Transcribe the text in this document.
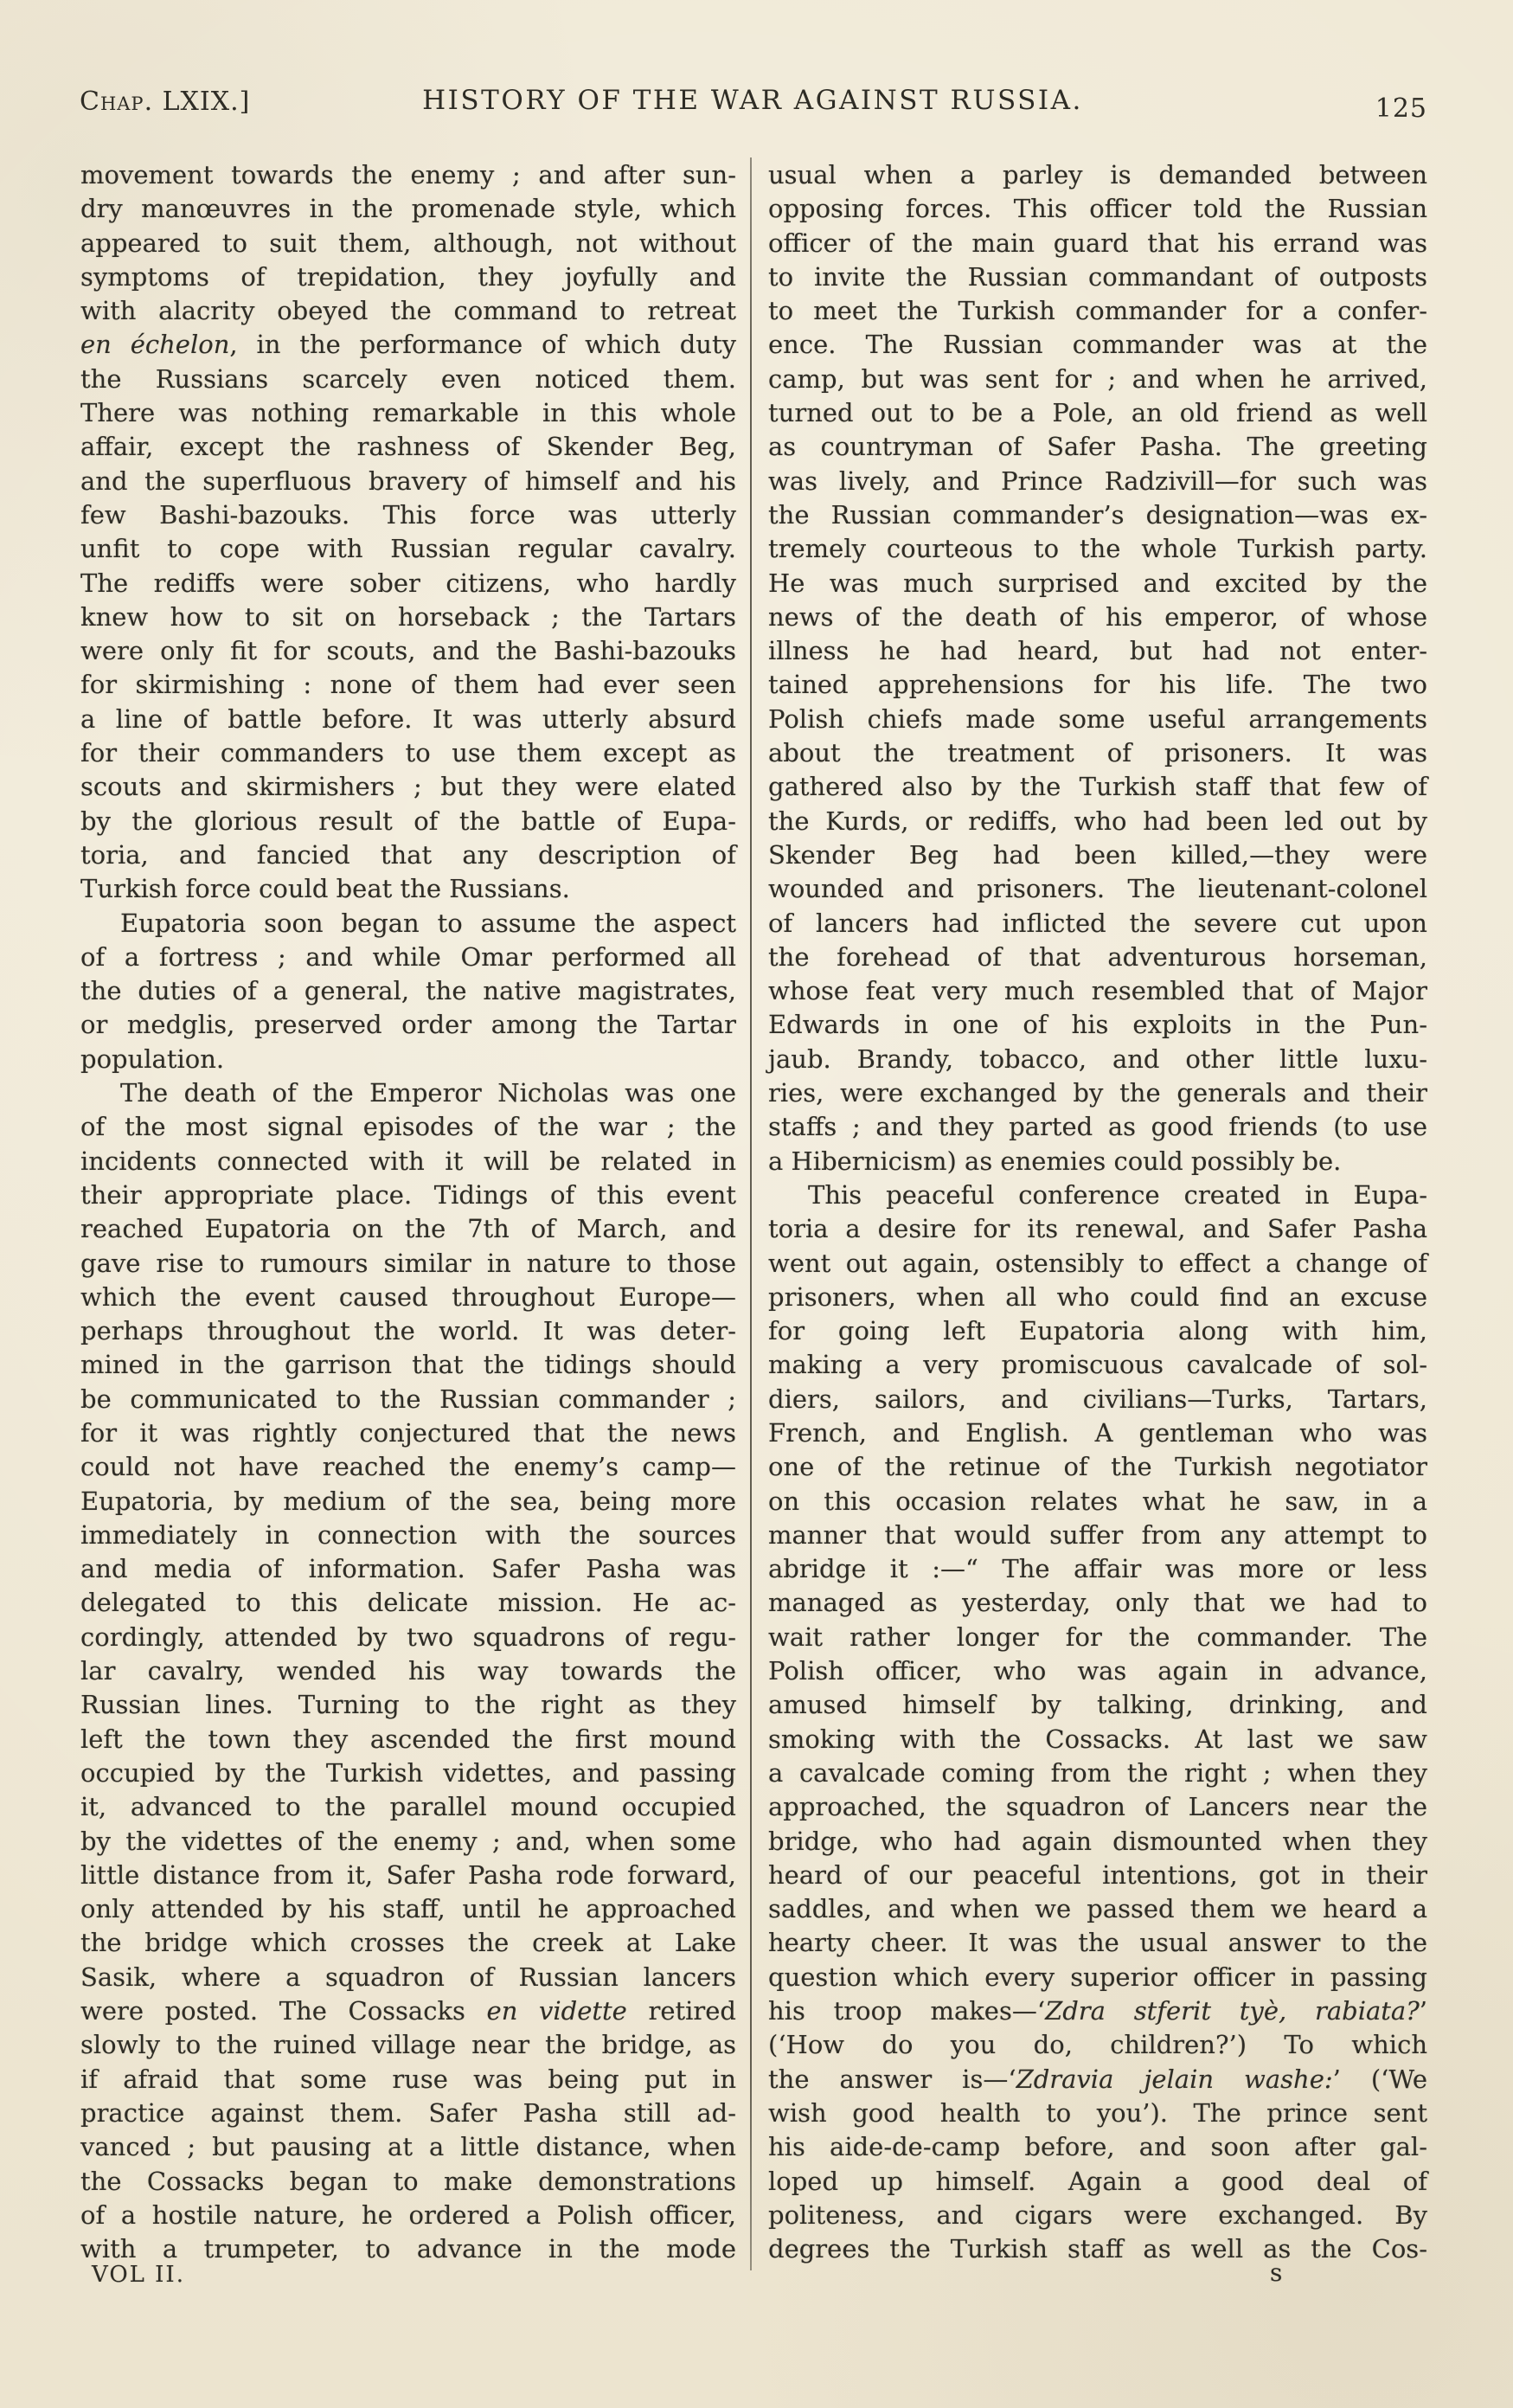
Chap. LXIX.]	HISTORY OF THE WAR AGAINST RUSSIA.	125
movement towards the enemy ; and after sun-
dry manœuvres in the promenade style, which
appeared to suit them, although, not without
symptoms of trepidation, they joyfully and
with alacrity obeyed the command to retreat
en échelon, in the performance of which duty
the Russians scarcely even noticed them.
There was nothing remarkable in this whole
affair, except the rashness of Skender Beg,
and the superfluous bravery of himself and his
few Bashi-bazouks. This force was utterly
unfit to cope with Russian regular cavalry.
The rediffs were sober citizens, who hardly
knew how to sit on horseback ; the Tartars
were only fit for scouts, and the Bashi-bazouks
for skirmishing : none of them had ever seen
a line of battle before. It was utterly absurd
for their commanders to use them except as
scouts and skirmishers ; but they were elated
by the glorious result of the battle of Eupa-
toria, and fancied that any description of
Turkish force could beat the Russians.
Eupatoria soon began to assume the aspect
of a fortress ; and while Omar performed all
the duties of a general, the native magistrates,
or medglis, preserved order among the Tartar
population.
The death of the Emperor Nicholas was one
of the most signal episodes of the war ; the
incidents connected with it will be related in
their appropriate place. Tidings of this event
reached Eupatoria on the 7th of March, and
gave rise to rumours similar in nature to those
which the event caused throughout Europe—
perhaps throughout the world. It was deter-
mined in the garrison that the tidings should
be communicated to the Russian commander ;
for it was rightly conjectured that the news
could not have reached the enemy’s camp—
Eupatoria, by medium of the sea, being more
immediately in connection with the sources
and media of information. Safer Pasha was
delegated to this delicate mission. He ac-
cordingly, attended by two squadrons of regu-
lar cavalry, wended his way towards the
Russian lines. Turning to the right as they
left the town they ascended the first mound
occupied by the Turkish videttes, and passing
it, advanced to the parallel mound occupied
by the videttes of the enemy ; and, when some
little distance from it, Safer Pasha rode forward,
only attended by his staff, until he approached
the bridge which crosses the creek at Lake
Sasik, where a squadron of Russian lancers
were posted. The Cossacks en vidette retired
slowly to the ruined village near the bridge, as
if afraid that some ruse was being put in
practice against them. Safer Pasha still ad-
vanced ; but pausing at a little distance, when
the Cossacks began to make demonstrations
of a hostile nature, he ordered a Polish officer,
with a trumpeter, to advance in the mode
usual when a parley is demanded between
opposing forces. This officer told the Russian
officer of the main guard that his errand was
to invite the Russian commandant of outposts
to meet the Turkish commander for a confer-
ence. The Russian commander was at the
camp, but was sent for ; and when he arrived,
turned out to be a Pole, an old friend as well
as countryman of Safer Pasha. The greeting
was lively, and Prince Radzivill—for such was
the Russian commander’s designation—was ex-
tremely courteous to the whole Turkish party.
He was much surprised and excited by the
news of the death of his emperor, of whose
illness he had heard, but had not enter-
tained apprehensions for his life. The two
Polish chiefs made some useful arrangements
about the treatment of prisoners. It was
gathered also by the Turkish staff that few of
the Kurds, or rediffs, who had been led out by
Skender Beg had been killed,—they were
wounded and prisoners. The lieutenant-colonel
of lancers had inflicted the severe cut upon
the forehead of that adventurous horseman,
whose feat very much resembled that of Major
Edwards in one of his exploits in the Pun-
jaub. Brandy, tobacco, and other little luxu-
ries, were exchanged by the generals and their
staffs ; and they parted as good friends (to use
a Hibernicism) as enemies could possibly be.
This peaceful conference created in Eupa-
toria a desire for its renewal, and Safer Pasha
went out again, ostensibly to effect a change of
prisoners, when all who could find an excuse
for going left Eupatoria along with him,
making a very promiscuous cavalcade of sol-
diers, sailors, and civilians—Turks, Tartars,
French, and English. A gentleman who was
one of the retinue of the Turkish negotiator
on this occasion relates what he saw, in a
manner that would suffer from any attempt to
abridge it :—“ The affair was more or less
managed as yesterday, only that we had to
wait rather longer for the commander. The
Polish officer, who was again in advance,
amused himself by talking, drinking, and
smoking with the Cossacks. At last we saw
a cavalcade coming from the right ; when they
approached, the squadron of Lancers near the
bridge, who had again dismounted when they
heard of our peaceful intentions, got in their
saddles, and when we passed them we heard a
hearty cheer. It was the usual answer to the
question which every superior officer in passing
his troop makes—‘Zdra stferit tyè, rabiata?’
(‘How do you do, children?’) To which
the answer is—‘Zdravia jelain washe:’ (‘We
wish good health to you’). The prince sent
his aide-de-camp before, and soon after gal-
loped up himself. Again a good deal of
politeness, and cigars were exchanged. By
degrees the Turkish staff as well as the Cos-
VOL II.	s
